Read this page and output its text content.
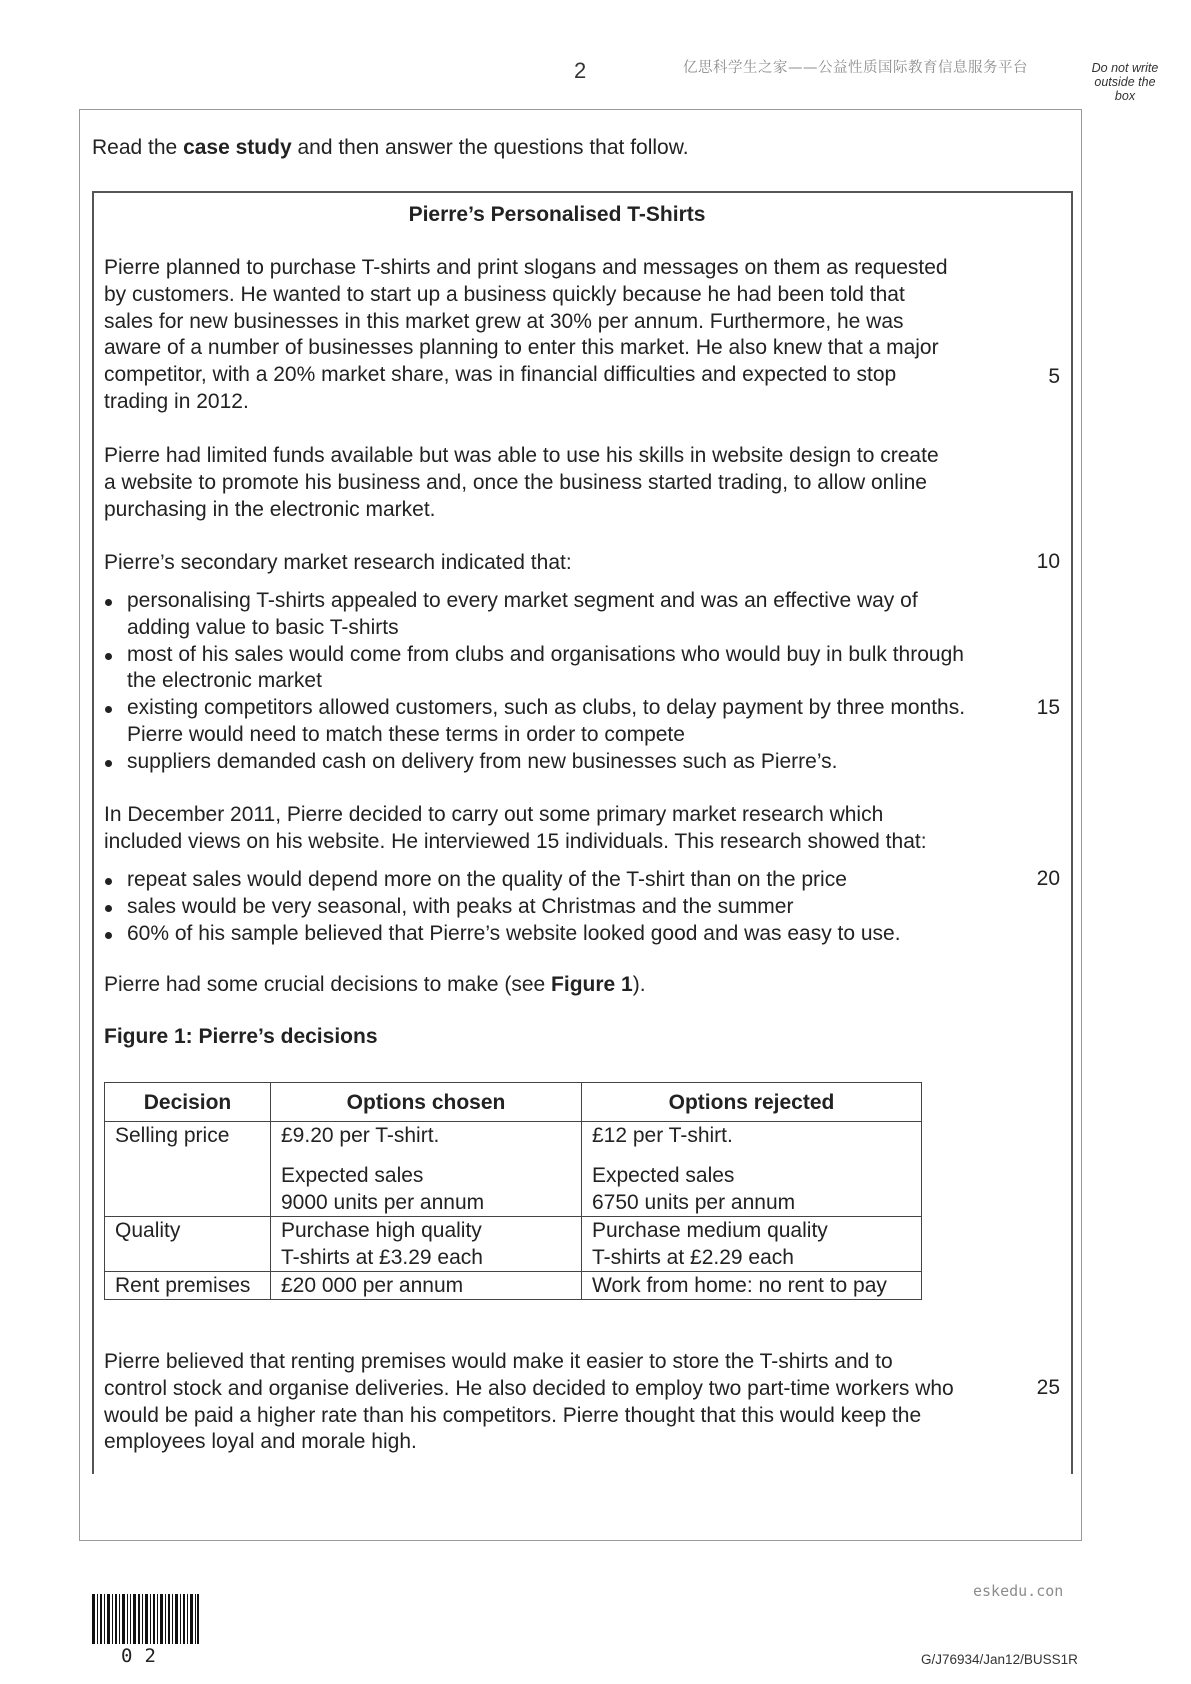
2	亿思科学生之家——公益性质国际教育信息服务平台	Do not write
outside the
box
Read the case study and then answer the questions that follow.
Pierre’s Personalised T-Shirts
Pierre planned to purchase T-shirts and print slogans and messages on them as requested
by customers. He wanted to start up a business quickly because he had been told that
sales for new businesses in this market grew at 30% per annum. Furthermore, he was
aware of a number of businesses planning to enter this market. He also knew that a major
competitor, with a 20% market share, was in financial difficulties and expected to stop
trading in 2012.
5
Pierre had limited funds available but was able to use his skills in website design to create
a website to promote his business and, once the business started trading, to allow online
purchasing in the electronic market.
Pierre’s secondary market research indicated that:	10
personalising T-shirts appealed to every market segment and was an effective way of
adding value to basic T-shirts
most of his sales would come from clubs and organisations who would buy in bulk through
the electronic market
existing competitors allowed customers, such as clubs, to delay payment by three months.
Pierre would need to match these terms in order to compete
suppliers demanded cash on delivery from new businesses such as Pierre’s.
15
In December 2011, Pierre decided to carry out some primary market research which
included views on his website. He interviewed 15 individuals. This research showed that:
repeat sales would depend more on the quality of the T-shirt than on the price
sales would be very seasonal, with peaks at Christmas and the summer
60% of his sample believed that Pierre’s website looked good and was easy to use.
20
Pierre had some crucial decisions to make (see Figure 1).
Figure 1: Pierre’s decisions
Decision	Options chosen	Options rejected
Selling price	£9.20 per T-shirt.
Expected sales
9000 units per annum	£12 per T-shirt.
Expected sales
6750 units per annum

Quality	Purchase high quality
T-shirts at £3.29 each	Purchase medium quality
T-shirts at £2.29 each

Rent premises	£20 000 per annum	Work from home: no rent to pay
Pierre believed that renting premises would make it easier to store the T-shirts and to
control stock and organise deliveries. He also decided to employ two part-time workers who
would be paid a higher rate than his competitors. Pierre thought that this would keep the
employees loyal and morale high.
25
eskedu.con
02	G/J76934/Jan12/BUSS1R
